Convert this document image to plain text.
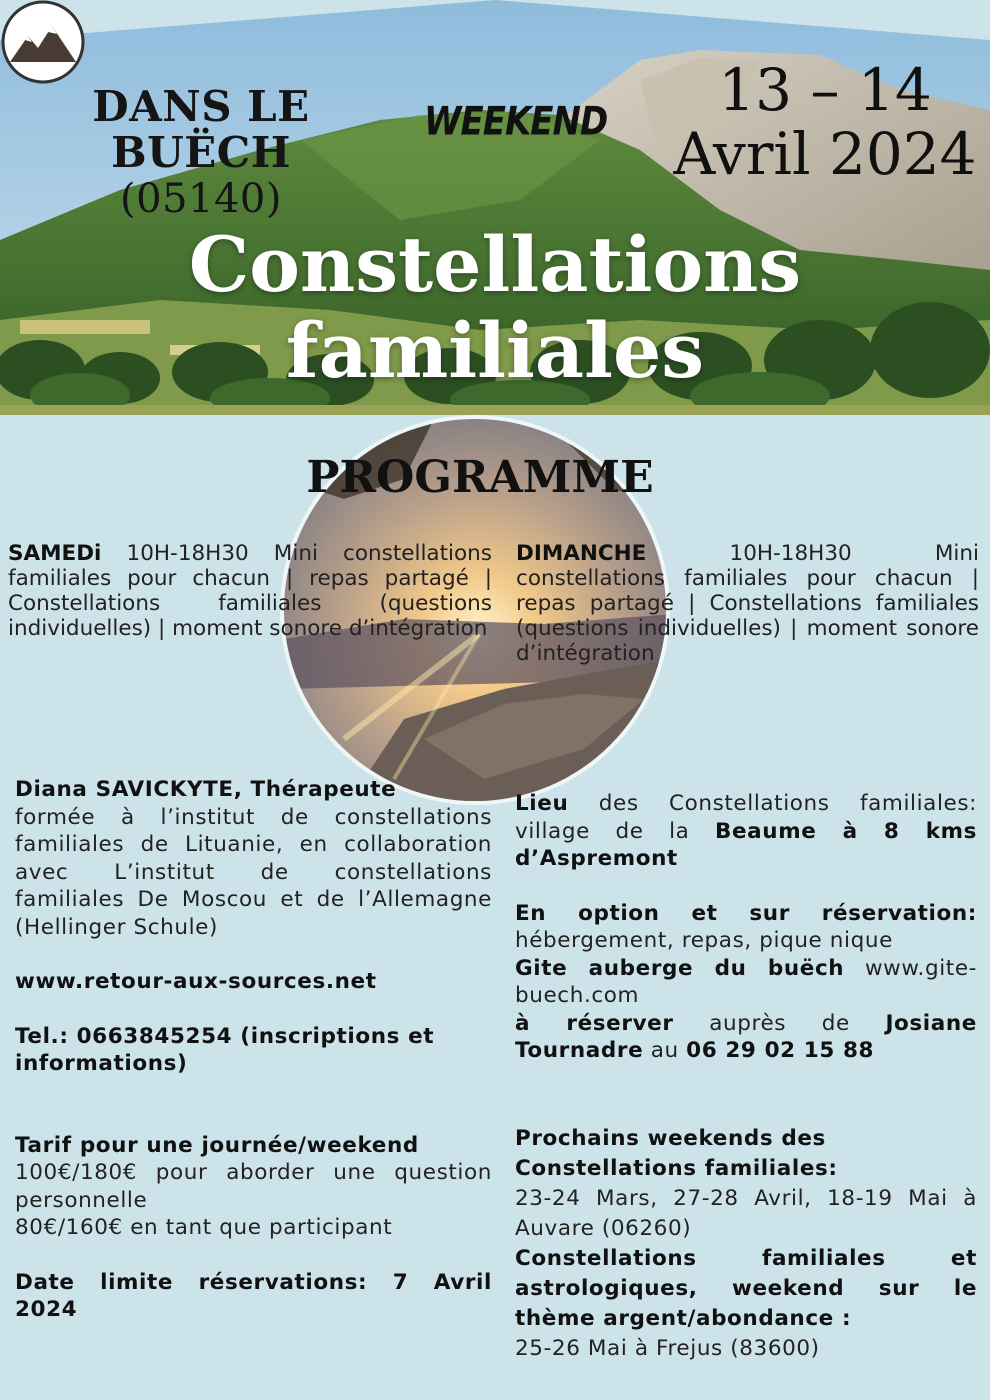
DANS LE BUËCH
(05140)
WEEKEND	13 – 14
Avril 2024
Constellations
familiales
PROGRAMME
SAMEDi 10H-18H30 Mini constellations familiales pour chacun | repas partagé | Constellations familiales (questions individuelles) | moment sonore d’intégration
DIMANCHE 10H-18H30 Mini constellations familiales pour chacun | repas partagé | Constellations familiales (questions individuelles) | moment sonore d’intégration
Diana SAVICKYTE, Thérapeute
formée à l’institut de constellations familiales de Lituanie, en collaboration avec L’institut de constellations familiales De Moscou et de l’Allemagne (Hellinger Schule)
www.retour-aux-sources.net
Tel.: 0663845254 (inscriptions et informations)
Tarif pour une journée/weekend
100€/180€ pour aborder une question personnelle
80€/160€ en tant que participant
Date limite réservations: 7 Avril 2024
Lieu des Constellations familiales: village de la Beaume à 8 kms d’Aspremont
En option et sur réservation: hébergement, repas, pique nique
Gite auberge du buëch www.gite-buech.com
à réserver auprès de Josiane Tournadre au 06 29 02 15 88
Prochains weekends des Constellations familiales:
23-24 Mars, 27-28 Avril, 18-19 Mai à Auvare (06260)
Constellations familiales et astrologiques, weekend sur le thème argent/abondance :
25-26 Mai à Frejus (83600)
